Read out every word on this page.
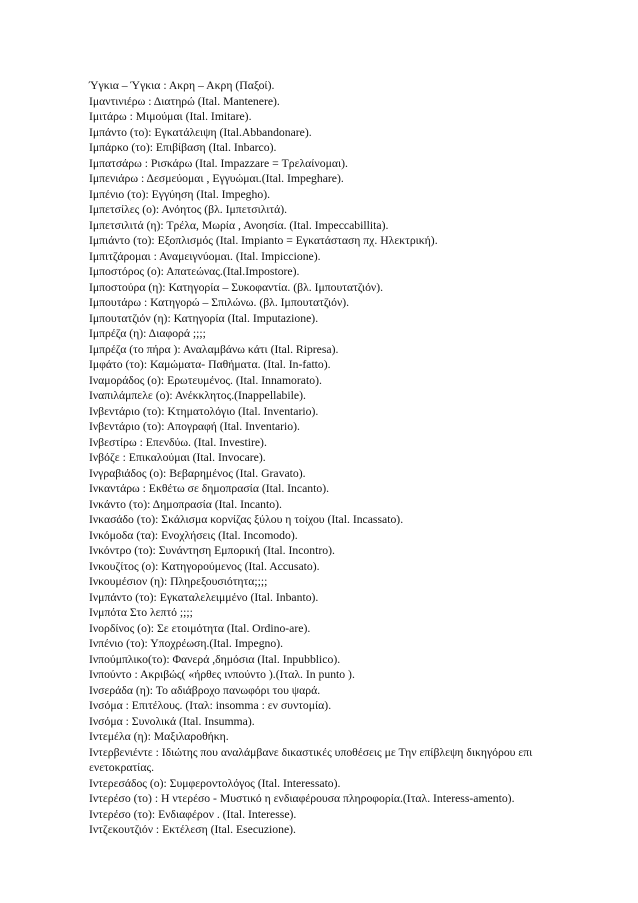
Ύγκια – Ύγκια : Ακρη – Ακρη (Παξοί).

Ιμαντινιέρω : Διατηρώ (Ital. Mantenere).

Ιμιτάρω : Μιμούμαι (Ital. Imitare).

Ιμπάντο (το): Εγκατάλειψη (Ital.Abbandonare).

Ιμπάρκο (το): Επιβίβαση (Ital. Inbarco).

Ιμπατσάρω : Ρισκάρω (Ital. Impazzare = Τρελαίνομαι).

Ιμπενιάρω : Δεσμεύομαι , Εγγυώμαι.(Ital. Impeghare).

Ιμπένιο (το): Εγγύηση (Ital. Impegho).

Ιμπετσίλες (ο): Ανόητος (βλ. Ιμπετσιλιτά).

Ιμπετσιλιτά (η): Τρέλα, Μωρία , Ανοησία. (Ital. Impeccabillita).

Ιμπιάντο (το): Εξοπλισμός (Ital. Impianto = Εγκατάσταση πχ. Ηλεκτρική).

Ιμπιτζάρομαι : Αναμειγνύομαι. (Ital. Impiccione).

Ιμποστόρος (ο): Απατεώνας.(Ital.Impostore).

Ιμποστούρα (η): Κατηγορία – Συκοφαντία. (βλ. Ιμπουτατζιόν).

Ιμπουτάρω : Κατηγορώ – Σπιλώνω. (βλ. Ιμπουτατζιόν).

Ιμπουτατζιόν (η): Κατηγορία (Ital. Imputazione).

Ιμπρέζα (η): Διαφορά ;;;;

Ιμπρέζα (το πήρα ): Αναλαμβάνω κάτι (Ital. Ripresa).

Ιμφάτο (το): Καμώματα- Παθήματα. (Ital. In-fatto).

Ιναμοράδος (ο): Ερωτευμένος. (Ital. Innamorato).

Ιναπιλάμπελε (ο): Ανέκκλητος.(Inappellabile).

Ινβεντάριο (το): Κτηματολόγιο (Ital. Inventario).

Ινβεντάριο (το): Απογραφή (Ital. Inventario).

Ινβεστίρω : Επενδύω. (Ital. Investire).

Ινβόζε : Επικαλούμαι (Ital. Invocare).

Ινγραβιάδος (ο): Βεβαρημένος (Ital. Gravato).

Ινκαντάρω : Εκθέτω σε δημοπρασία (Ital. Incanto).

Ινκάντο (το): Δημοπρασία (Ital. Incanto).

Ινκασάδο (το): Σκάλισμα κορνίζας ξύλου η τοίχου (Ital. Incassato).

Ινκόμοδα (τα): Ενοχλήσεις (Ital. Incomodo).

Ινκόντρο (το): Συνάντηση Εμπορική (Ital. Incontro).

Ινκουζίτος (ο): Κατηγορούμενος (Ital. Accusato).

Ινκουμέσιον (η): Πληρεξουσιότητα;;;;

Ινμπάντο (το): Εγκαταλελειμμένο (Ital. Inbanto).

Ινμπότα Στο λεπτό ;;;;

Ινορδίνος (ο): Σε ετοιμότητα (Ital. Ordino-are).

Ινπένιο (το): Υποχρέωση.(Ital. Impegno).

Ινπούμπλικο(το): Φανερά ,δημόσια (Ital. Inpubblico).

Ινπούντο : Ακριβώς( «ήρθες ινπούντο ).(Ιταλ. In punto ).

Ινσεράδα (η): Το αδιάβροχο πανωφόρι του ψαρά.

Ινσόμα : Επιτέλους. (Ιταλ: insomma : εν συντομία).

Ινσόμα : Συνολικά (Ital. Insumma).

Ιντεμέλα (η): Μαξιλαροθήκη.

Ιντερβενιέντε : Ιδιώτης που αναλάμβανε δικαστικές υποθέσεις με Την επίβλεψη δικηγόρου επι ενετοκρατίας.

Ιντερεσάδος (ο): Συμφεροντολόγος (Ital. Interessato).

Ιντερέσο (το) : Η ντερέσο - Μυστικό η ενδιαφέρουσα πληροφορία.(Ιταλ. Interess-amento).

Ιντερέσο (το): Ενδιαφέρον . (Ital. Interesse).

Ιντζεκουτζιόν : Εκτέλεση (Ital. Esecuzione).
